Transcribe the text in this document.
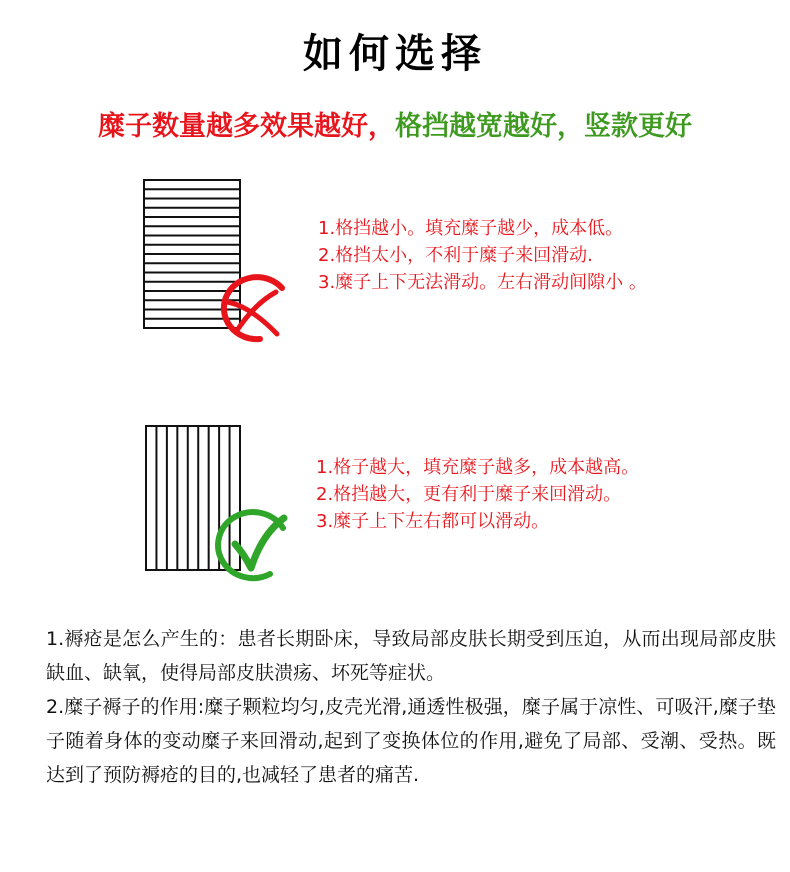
如何选择
糜子数量越多效果越好，格挡越宽越好，竖款更好
1.格挡越小。填充糜子越少，成本低。
2.格挡太小，不利于糜子来回滑动.
3.糜子上下无法滑动。左右滑动间隙小 。
1.格子越大，填充糜子越多，成本越高。
2.格挡越大，更有利于糜子来回滑动。
3.糜子上下左右都可以滑动。
1.褥疮是怎么产生的：患者长期卧床，导致局部皮肤长期受到压迫，从而出现局部皮肤缺血、缺氧，使得局部皮肤溃疡、坏死等症状。
2.糜子褥子的作用:糜子颗粒均匀,皮壳光滑,通透性极强，糜子属于凉性、可吸汗,糜子垫子随着身体的变动糜子来回滑动,起到了变换体位的作用,避免了局部、受潮、受热。既达到了预防褥疮的目的,也减轻了患者的痛苦.
